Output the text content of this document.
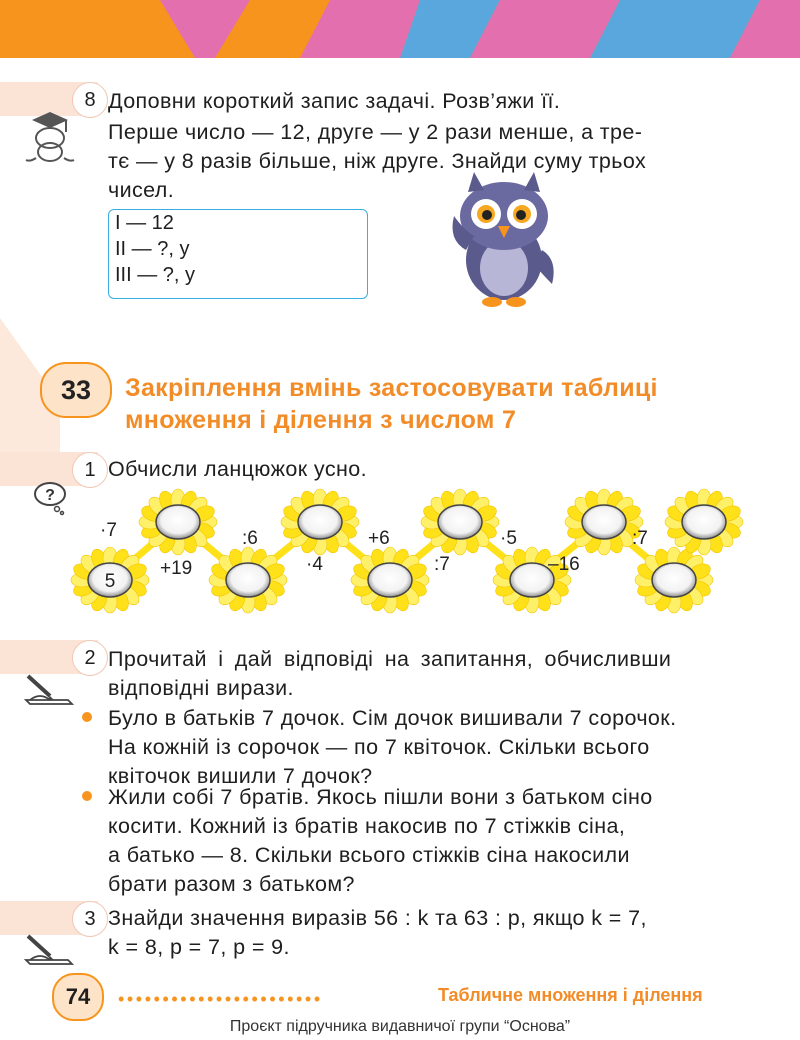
8 Доповни короткий запис задачі. Розв’яжи її.
Перше число — 12, друге — у 2 рази менше, а тре-
тє — у 8 разів більше, ніж друге. Знайди суму трьох
чисел.
I — 12
II — ?, у
III — ?, у
33	Закріплення вмінь застосовувати таблиці
множення і ділення з числом 7
1 Обчисли ланцюжок усно.
?
5
·7
+19
:6
·4
+6
:7
·5
–16
:7
2 Прочитай і дай відповіді на запитання, обчисливши
відповідні вирази.
Було в батьків 7 дочок. Сім дочок вишивали 7 сорочок.
На кожній із сорочок — по 7 квіточок. Скільки всього
квіточок вишили 7 дочок?
Жили собі 7 братів. Якось пішли вони з батьком сіно
косити. Кожний із братів накосив по 7 стіжків сіна,
а батько — 8. Скільки всього стіжків сіна накосили
брати разом з батьком?
3 Знайди значення виразів 56 : k та 63 : p, якщо k = 7,
k = 8, p = 7, p = 9.
74	•••••••••••••••••••••••	Табличне множення і ділення
Проєкт підручника видавничої групи “Основа”
